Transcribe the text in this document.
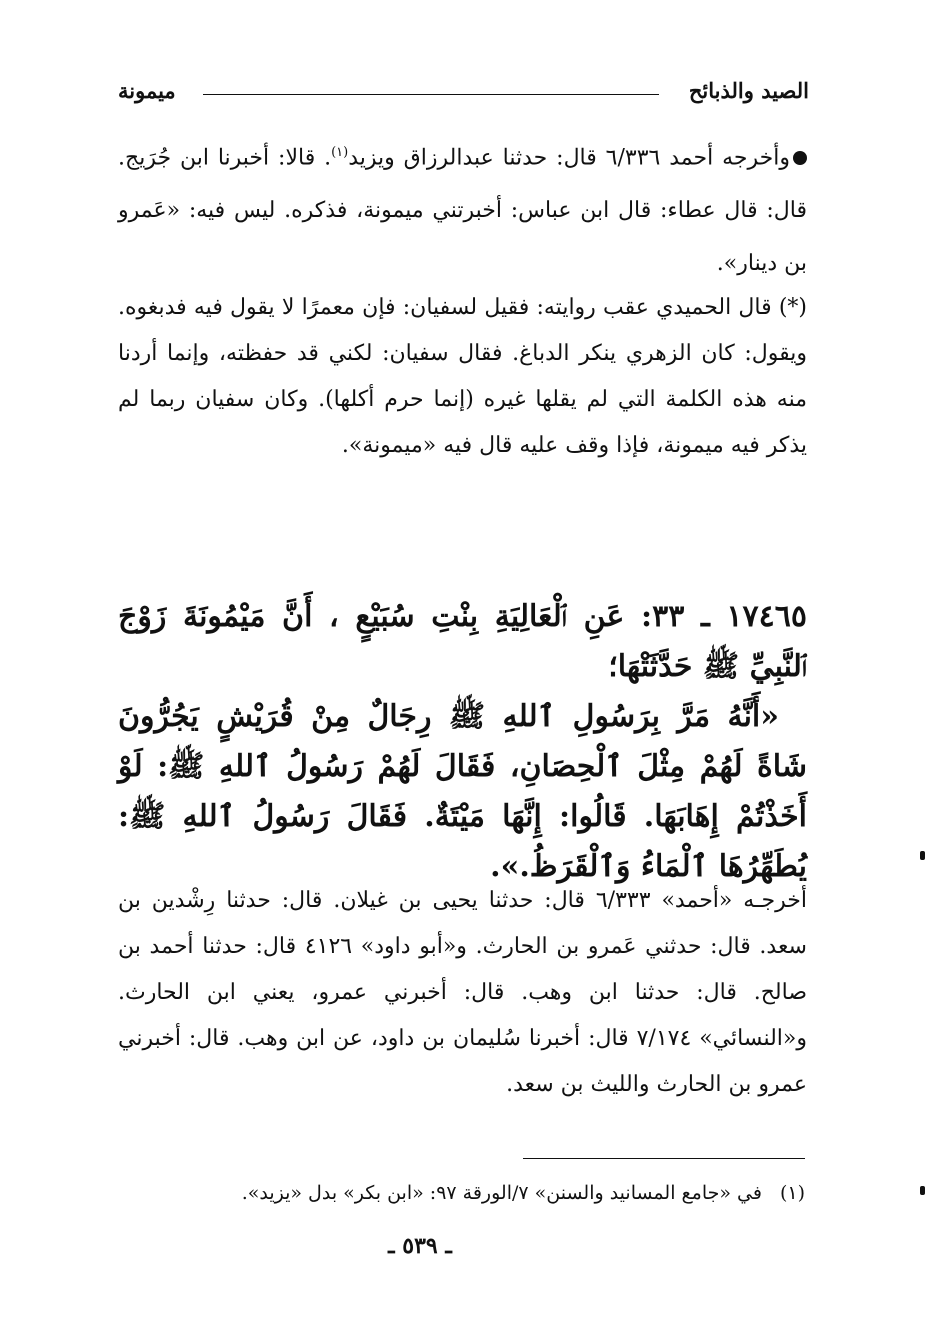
الصيد والذبائح
ميمونة
وأخرجه أحمد ٦/٣٣٦ قال: حدثنا عبدالرزاق ويزيد$^{(١)}$. قالا: أخبرنا ابن جُرَيج. قال: قال عطاء: قال ابن عباس: أخبرتني ميمونة، فذكره. ليس فيه: «عَمرو بن دينار».
(*) قال الحميدي عقب روايته: فقيل لسفيان: فإن معمرًا لا يقول فيه فدبغوه. ويقول: كان الزهري ينكر الدباغ. فقال سفيان: لكني قد حفظته، وإنما أردنا منه هذه الكلمة التي لم يقلها غيره (إنما حرم أكلها). وكان سفيان ربما لم يذكر فيه ميمونة، فإذا وقف عليه قال فيه «ميمونة».
١٧٤٦٥ ـ ٣٣: عَنِ ٱلْعَالِيَةِ بِنْتِ سُبَيْعٍ ، أَنَّ مَيْمُونَةَ زَوْجَ ٱلنَّبِيِّ ﷺ حَدَّثَتْهَا؛
«أَنَّهُ مَرَّ بِرَسُولِ ٱللهِ ﷺ رِجَالٌ مِنْ قُرَيْشٍ يَجُرُّونَ شَاةً لَهُمْ مِثْلَ ٱلْحِصَانِ، فَقَالَ لَهُمْ رَسُولُ ٱللهِ ﷺ: لَوْ أَخَذْتُمْ إِهَابَهَا. قَالُوا: إِنَّهَا مَيْتَةٌ. فَقَالَ رَسُولُ ٱللهِ ﷺ: يُطَهِّرُهَا ٱلْمَاءُ وَٱلْقَرَظُ.».
أخرجـه «أحمد» ٦/٣٣٣ قال: حدثنا يحيى بن غيلان. قال: حدثنا رِشْدين بن سعد. قال: حدثني عَمرو بن الحارث. و«أبو داود» ٤١٢٦ قال: حدثنا أحمد بن صالح. قال: حدثنا ابن وهب. قال: أخبرني عمرو، يعني ابن الحارث. و«النسائي» ٧/١٧٤ قال: أخبرنا سُليمان بن داود، عن ابن وهب. قال: أخبرني عمرو بن الحارث والليث بن سعد.
(١)في «جامع المسانيد والسنن» ٧/الورقة ٩٧: «ابن بكر» بدل «يزيد».
ـ ٥٣٩ ـ
